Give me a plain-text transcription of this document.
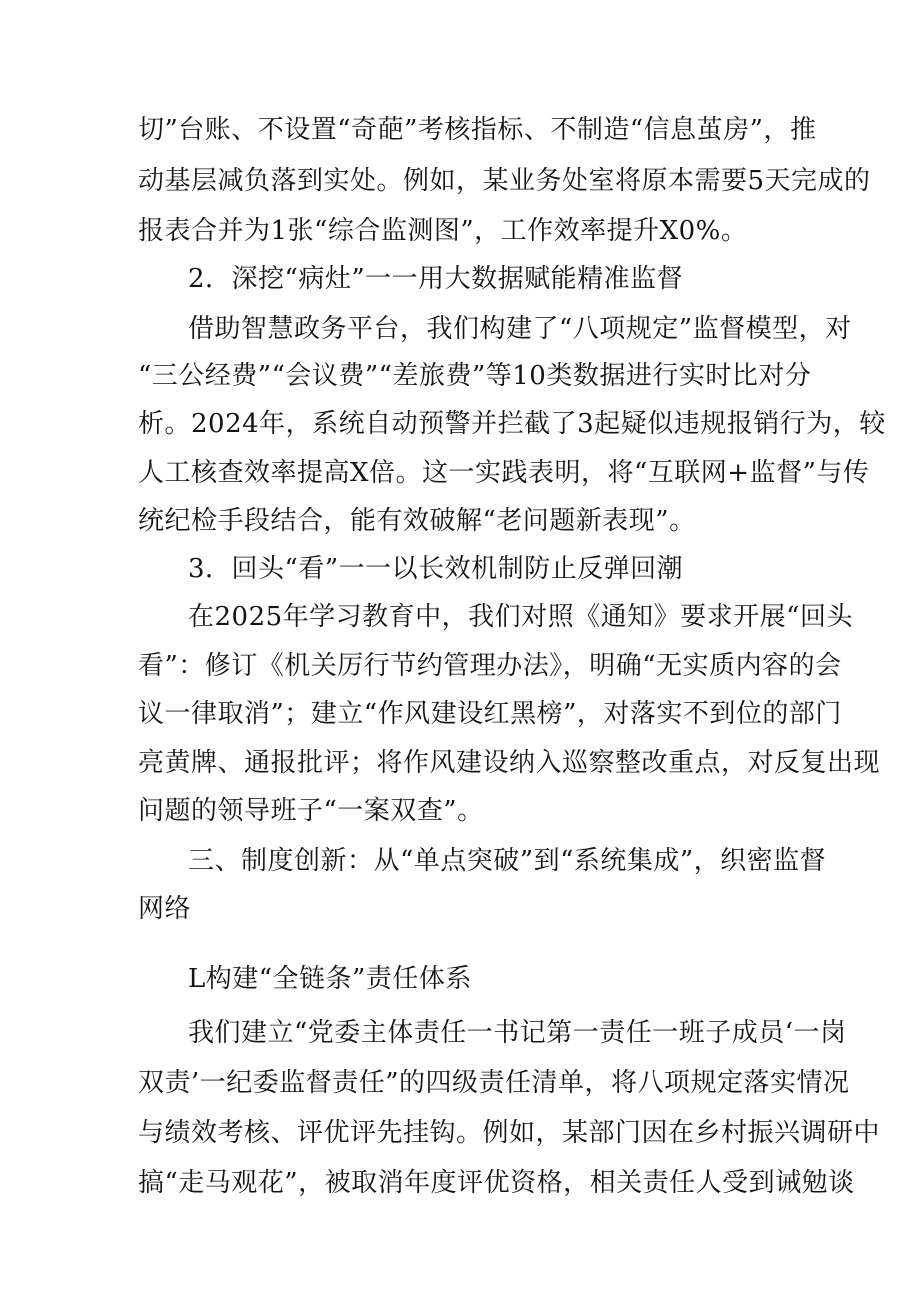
切”台账、不设置“奇葩”考核指标、不制造“信息茧房”，推
动基层减负落到实处。例如，某业务处室将原本需要5天完成的
报表合并为1张“综合监测图”，工作效率提升X0%。
2．深挖“病灶”一一用大数据赋能精准监督
借助智慧政务平台，我们构建了“八项规定”监督模型，对
“三公经费”“会议费”“差旅费”等10类数据进行实时比对分
析。2024年，系统自动预警并拦截了3起疑似违规报销行为，较
人工核查效率提高X倍。这一实践表明，将“互联网+监督”与传
统纪检手段结合，能有效破解“老问题新表现”。
3．回头“看”一一以长效机制防止反弹回潮
在2025年学习教育中，我们对照《通知》要求开展“回头
看”：修订《机关厉行节约管理办法》，明确“无实质内容的会
议一律取消”；建立“作风建设红黑榜”，对落实不到位的部门
亮黄牌、通报批评；将作风建设纳入巡察整改重点，对反复出现
问题的领导班子“一案双查”。
三、制度创新：从“单点突破”到“系统集成”，织密监督
网络
L构建“全链条”责任体系
我们建立“党委主体责任一书记第一责任一班子成员‘一岗
双责’一纪委监督责任”的四级责任清单，将八项规定落实情况
与绩效考核、评优评先挂钩。例如，某部门因在乡村振兴调研中
搞“走马观花”，被取消年度评优资格，相关责任人受到诫勉谈
